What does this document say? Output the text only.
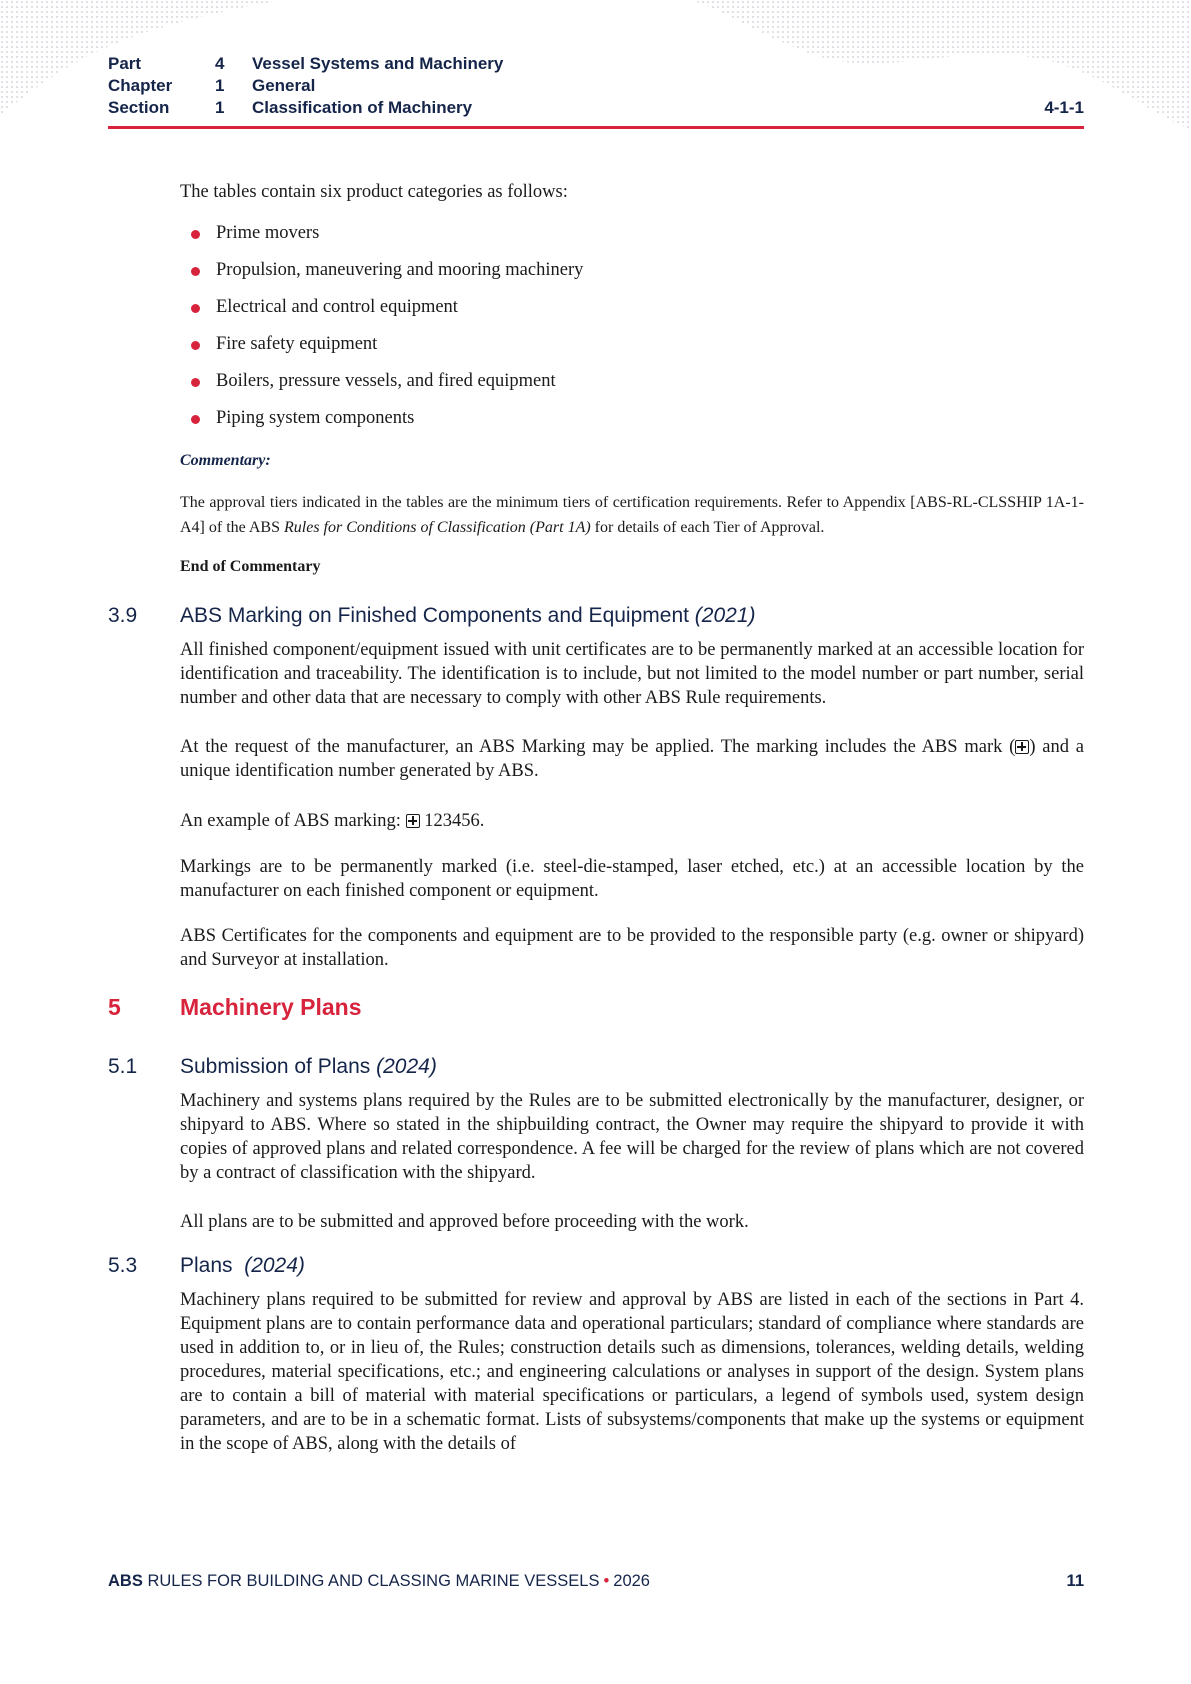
Part	4 Vessel Systems and Machinery
Chapter	1 General
Section	1 Classification of Machinery	4-1-1
The tables contain six product categories as follows:
Prime movers
Propulsion, maneuvering and mooring machinery
Electrical and control equipment
Fire safety equipment
Boilers, pressure vessels, and fired equipment
Piping system components
Commentary:
The approval tiers indicated in the tables are the minimum tiers of certification requirements. Refer to Appendix [ABS-RL-CLSSHIP 1A-1-A4] of the ABS Rules for Conditions of Classification (Part 1A) for details of each Tier of Approval.
End of Commentary
3.9 ABS Marking on Finished Components and Equipment (2021)
All finished component/equipment issued with unit certificates are to be permanently marked at an accessible location for identification and traceability. The identification is to include, but not limited to the model number or part number, serial number and other data that are necessary to comply with other ABS Rule requirements.
At the request of the manufacturer, an ABS Marking may be applied. The marking includes the ABS mark ( ) and a unique identification number generated by ABS.
An example of ABS marking:  123456.
Markings are to be permanently marked (i.e. steel-die-stamped, laser etched, etc.) at an accessible location by the manufacturer on each finished component or equipment.
ABS Certificates for the components and equipment are to be provided to the responsible party (e.g. owner or shipyard) and Surveyor at installation.
5	Machinery Plans
5.1 Submission of Plans (2024)
Machinery and systems plans required by the Rules are to be submitted electronically by the manufacturer, designer, or shipyard to ABS. Where so stated in the shipbuilding contract, the Owner may require the shipyard to provide it with copies of approved plans and related correspondence. A fee will be charged for the review of plans which are not covered by a contract of classification with the shipyard.
All plans are to be submitted and approved before proceeding with the work.
5.3 Plans (2024)
Machinery plans required to be submitted for review and approval by ABS are listed in each of the sections in Part 4. Equipment plans are to contain performance data and operational particulars; standard of compliance where standards are used in addition to, or in lieu of, the Rules; construction details such as dimensions, tolerances, welding details, welding procedures, material specifications, etc.; and engineering calculations or analyses in support of the design. System plans are to contain a bill of material with material specifications or particulars, a legend of symbols used, system design parameters, and are to be in a schematic format. Lists of subsystems/components that make up the systems or equipment in the scope of ABS, along with the details of
ABS RULES FOR BUILDING AND CLASSING MARINE VESSELS • 2026	11
